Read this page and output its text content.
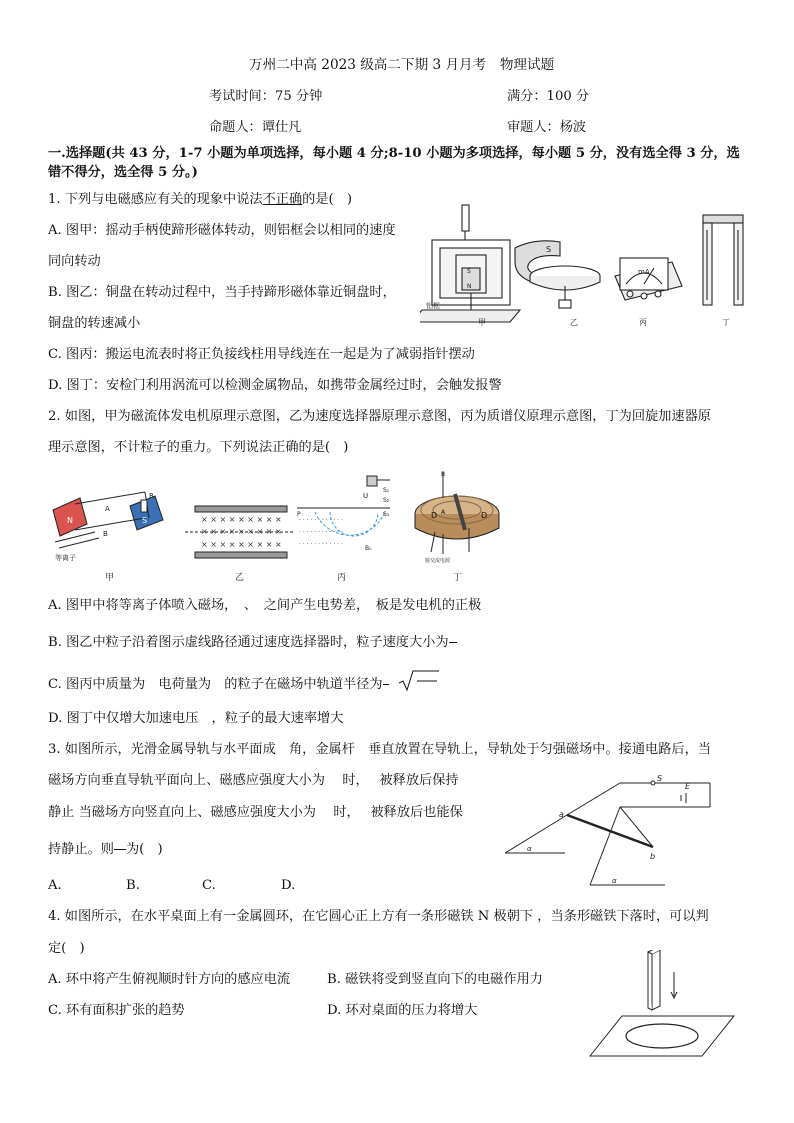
万州二中高 2023 级高二下期 3 月月考　物理试题
考试时间：75 分钟	满分：100 分
命题人：谭仕凡	审题人：杨波
一.选择题(共 43 分，1-7 小题为单项选择，每小题 4 分;8-10 小题为多项选择，每小题 5 分，没有选全得 3 分，选
错不得分，选全得 5 分。)
1. 下列与电磁感应有关的现象中说法不正确的是(　)
A. 图甲：摇动手柄使蹄形磁体转动，则铝框会以相同的速度
同向转动
B. 图乙：铜盘在转动过程中，当手持蹄形磁体靠近铜盘时，
铜盘的转速减小
C. 图丙：搬运电流表时将正负接线柱用导线连在一起是为了减弱指针摆动
D. 图丁：安检门利用涡流可以检测金属物品，如携带金属经过时，会触发报警
铝框
S
N
甲
S
乙
mA
丙	丁
2. 如图，甲为磁流体发电机原理示意图，乙为速度选择器原理示意图，丙为质谱仪原理示意图，丁为回旋加速器原
理示意图，不计粒子的重力。下列说法正确的是(　)
A
B
R
S
N
等离子
甲
× × × × × × × × ×
× × × × × × × × ×
× × × × × × × × ×
乙
· · · · · · · · · · · ·
· · · · · · · · · · · ·
· · · · · · · · · · · ·
U
S₁
S₂
S₃
P
B₀
丙
B
D	D
A
接交流电源
丁
A. 图甲中将等离子体喷入磁场，　、　之间产生电势差，　板是发电机的正极
B. 图乙中粒子沿着图示虚线路径通过速度选择器时，粒子速度大小为
C. 图丙中质量为　电荷量为　的粒子在磁场中轨道半径为
D. 图丁中仅增大加速电压　，粒子的最大速率增大
3. 如图所示，光滑金属导轨与水平面成　角，金属杆　垂直放置在导轨上，导轨处于匀强磁场中。接通电路后，当
磁场方向垂直导轨平面向上、磁感应强度大小为　 时，　 被释放后保持
静止 当磁场方向竖直向上、磁感应强度大小为　 时，　 被释放后也能保
持静止。则 为(　)
A.	B.	C.	D.
S
E
a
b
α
α
4. 如图所示，在水平桌面上有一金属圆环，在它圆心正上方有一条形磁铁 N 极朝下 ，当条形磁铁下落时，可以判
定(　)
A. 环中将产生俯视顺时针方向的感应电流	B. 磁铁将受到竖直向下的电磁作用力
C. 环有面积扩张的趋势	D. 环对桌面的压力将增大
